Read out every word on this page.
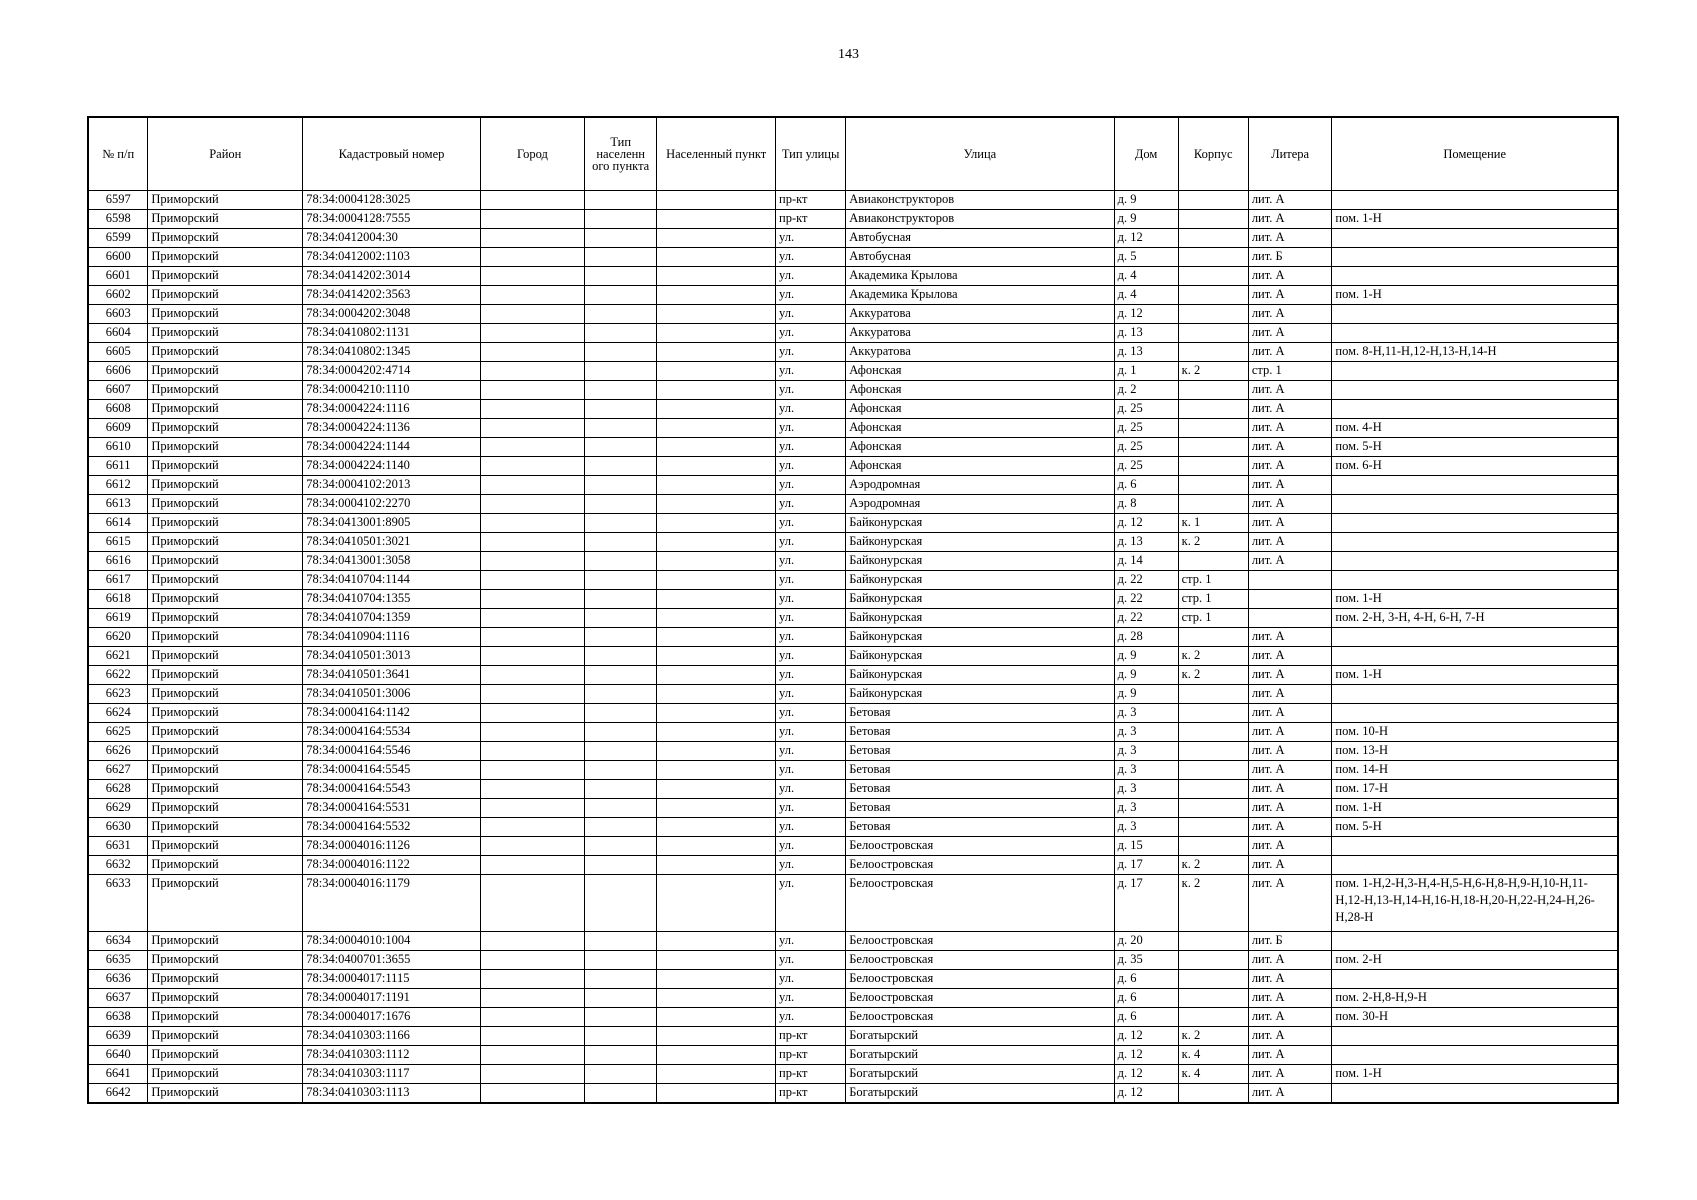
143
№ п/п	Район	Кадастровый номер	Город	Тип населенн ого пункта	Населенный пункт	Тип улицы	Улица	Дом	Корпус	Литера	Помещение
6597	Приморский	78:34:0004128:3025				пр-кт	Авиаконструкторов	д. 9		лит. А	
6598	Приморский	78:34:0004128:7555				пр-кт	Авиаконструкторов	д. 9		лит. А	пом. 1-Н
6599	Приморский	78:34:0412004:30				ул.	Автобусная	д. 12		лит. А	
6600	Приморский	78:34:0412002:1103				ул.	Автобусная	д. 5		лит. Б	
6601	Приморский	78:34:0414202:3014				ул.	Академика Крылова	д. 4		лит. А	
6602	Приморский	78:34:0414202:3563				ул.	Академика Крылова	д. 4		лит. А	пом. 1-Н
6603	Приморский	78:34:0004202:3048				ул.	Аккуратова	д. 12		лит. А	
6604	Приморский	78:34:0410802:1131				ул.	Аккуратова	д. 13		лит. А	
6605	Приморский	78:34:0410802:1345				ул.	Аккуратова	д. 13		лит. А	пом. 8-Н,11-Н,12-Н,13-Н,14-Н
6606	Приморский	78:34:0004202:4714				ул.	Афонская	д. 1	к. 2	стр. 1	
6607	Приморский	78:34:0004210:1110				ул.	Афонская	д. 2		лит. А	
6608	Приморский	78:34:0004224:1116				ул.	Афонская	д. 25		лит. А	
6609	Приморский	78:34:0004224:1136				ул.	Афонская	д. 25		лит. А	пом. 4-Н
6610	Приморский	78:34:0004224:1144				ул.	Афонская	д. 25		лит. А	пом. 5-Н
6611	Приморский	78:34:0004224:1140				ул.	Афонская	д. 25		лит. А	пом. 6-Н
6612	Приморский	78:34:0004102:2013				ул.	Аэродромная	д. 6		лит. А	
6613	Приморский	78:34:0004102:2270				ул.	Аэродромная	д. 8		лит. А	
6614	Приморский	78:34:0413001:8905				ул.	Байконурская	д. 12	к. 1	лит. А	
6615	Приморский	78:34:0410501:3021				ул.	Байконурская	д. 13	к. 2	лит. А	
6616	Приморский	78:34:0413001:3058				ул.	Байконурская	д. 14		лит. А	
6617	Приморский	78:34:0410704:1144				ул.	Байконурская	д. 22	стр. 1		
6618	Приморский	78:34:0410704:1355				ул.	Байконурская	д. 22	стр. 1		пом. 1-Н
6619	Приморский	78:34:0410704:1359				ул.	Байконурская	д. 22	стр. 1		пом. 2-Н, 3-Н, 4-Н, 6-Н, 7-Н
6620	Приморский	78:34:0410904:1116				ул.	Байконурская	д. 28		лит. А	
6621	Приморский	78:34:0410501:3013				ул.	Байконурская	д. 9	к. 2	лит. А	
6622	Приморский	78:34:0410501:3641				ул.	Байконурская	д. 9	к. 2	лит. А	пом. 1-Н
6623	Приморский	78:34:0410501:3006				ул.	Байконурская	д. 9		лит. А	
6624	Приморский	78:34:0004164:1142				ул.	Бетовая	д. 3		лит. А	
6625	Приморский	78:34:0004164:5534				ул.	Бетовая	д. 3		лит. А	пом. 10-Н
6626	Приморский	78:34:0004164:5546				ул.	Бетовая	д. 3		лит. А	пом. 13-Н
6627	Приморский	78:34:0004164:5545				ул.	Бетовая	д. 3		лит. А	пом. 14-Н
6628	Приморский	78:34:0004164:5543				ул.	Бетовая	д. 3		лит. А	пом. 17-Н
6629	Приморский	78:34:0004164:5531				ул.	Бетовая	д. 3		лит. А	пом. 1-Н
6630	Приморский	78:34:0004164:5532				ул.	Бетовая	д. 3		лит. А	пом. 5-Н
6631	Приморский	78:34:0004016:1126				ул.	Белоостровская	д. 15		лит. А	
6632	Приморский	78:34:0004016:1122				ул.	Белоостровская	д. 17	к. 2	лит. А	
6633	Приморский	78:34:0004016:1179				ул.	Белоостровская	д. 17	к. 2	лит. А	пом. 1-Н,2-Н,3-Н,4-Н,5-Н,6-Н,8-Н,9-Н,10-Н,11-Н,12-Н,13-Н,14-Н,16-Н,18-Н,20-Н,22-Н,24-Н,26-Н,28-Н
6634	Приморский	78:34:0004010:1004				ул.	Белоостровская	д. 20		лит. Б	
6635	Приморский	78:34:0400701:3655				ул.	Белоостровская	д. 35		лит. А	пом. 2-Н
6636	Приморский	78:34:0004017:1115				ул.	Белоостровская	д. 6		лит. А	
6637	Приморский	78:34:0004017:1191				ул.	Белоостровская	д. 6		лит. А	пом. 2-Н,8-Н,9-Н
6638	Приморский	78:34:0004017:1676				ул.	Белоостровская	д. 6		лит. А	пом. 30-Н
6639	Приморский	78:34:0410303:1166				пр-кт	Богатырский	д. 12	к. 2	лит. А	
6640	Приморский	78:34:0410303:1112				пр-кт	Богатырский	д. 12	к. 4	лит. А	
6641	Приморский	78:34:0410303:1117				пр-кт	Богатырский	д. 12	к. 4	лит. А	пом. 1-Н
6642	Приморский	78:34:0410303:1113				пр-кт	Богатырский	д. 12		лит. А	
